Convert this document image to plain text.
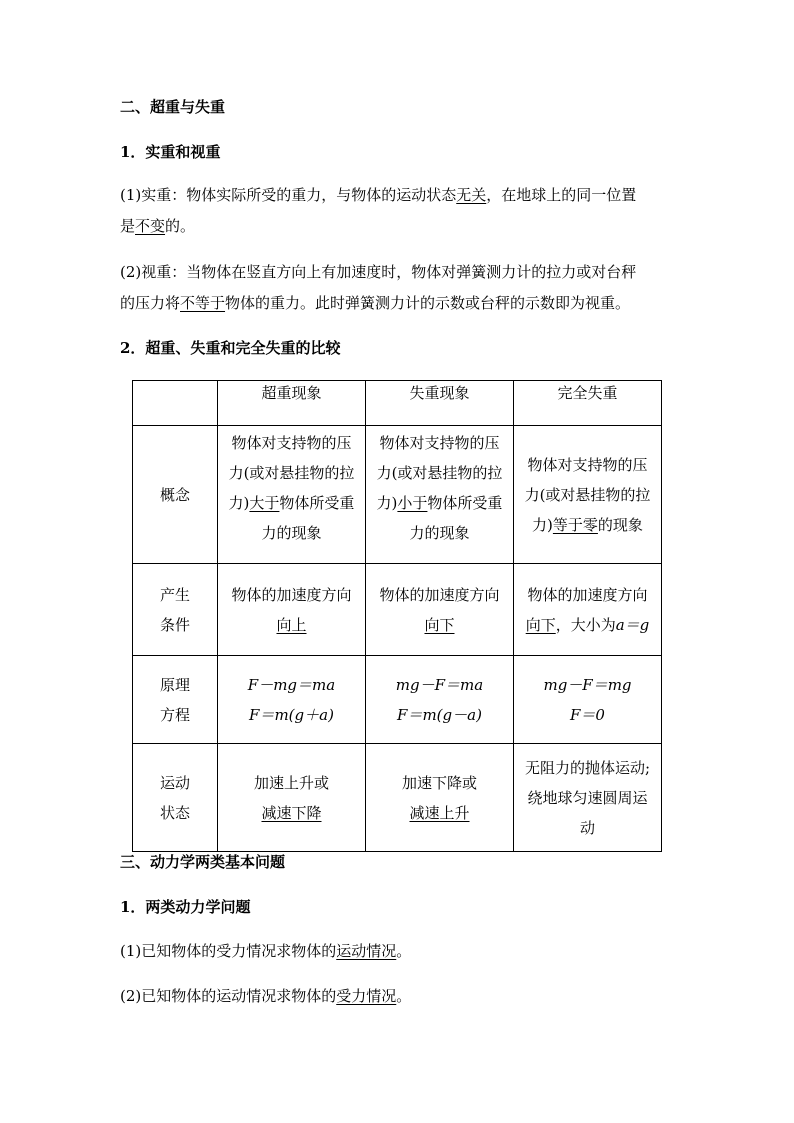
二、超重与失重
1．实重和视重
(1)实重：物体实际所受的重力，与物体的运动状态无关，在地球上的同一位置
是不变的。
(2)视重：当物体在竖直方向上有加速度时，物体对弹簧测力计的拉力或对台秤
的压力将不等于物体的重力。此时弹簧测力计的示数或台秤的示数即为视重。
2．超重、失重和完全失重的比较
	超重现象	失重现象	完全失重
概念	物体对支持物的压
力(或对悬挂物的拉
力)大于物体所受重
力的现象	物体对支持物的压
力(或对悬挂物的拉
力)小于物体所受重
力的现象	物体对支持物的压
力(或对悬挂物的拉
力)等于零的现象

产生
条件	物体的加速度方向
向上	物体的加速度方向
向下	物体的加速度方向
向下，大小为a＝g

原理
方程	F－mg＝ma
F＝m(g＋a)	mg－F＝ma
F＝m(g－a)	mg－F＝mg
F＝0

运动
状态	加速上升或
减速下降	加速下降或
减速上升	无阻力的抛体运动;
绕地球匀速圆周运
动
三、动力学两类基本问题
1．两类动力学问题
(1)已知物体的受力情况求物体的运动情况。
(2)已知物体的运动情况求物体的受力情况。
